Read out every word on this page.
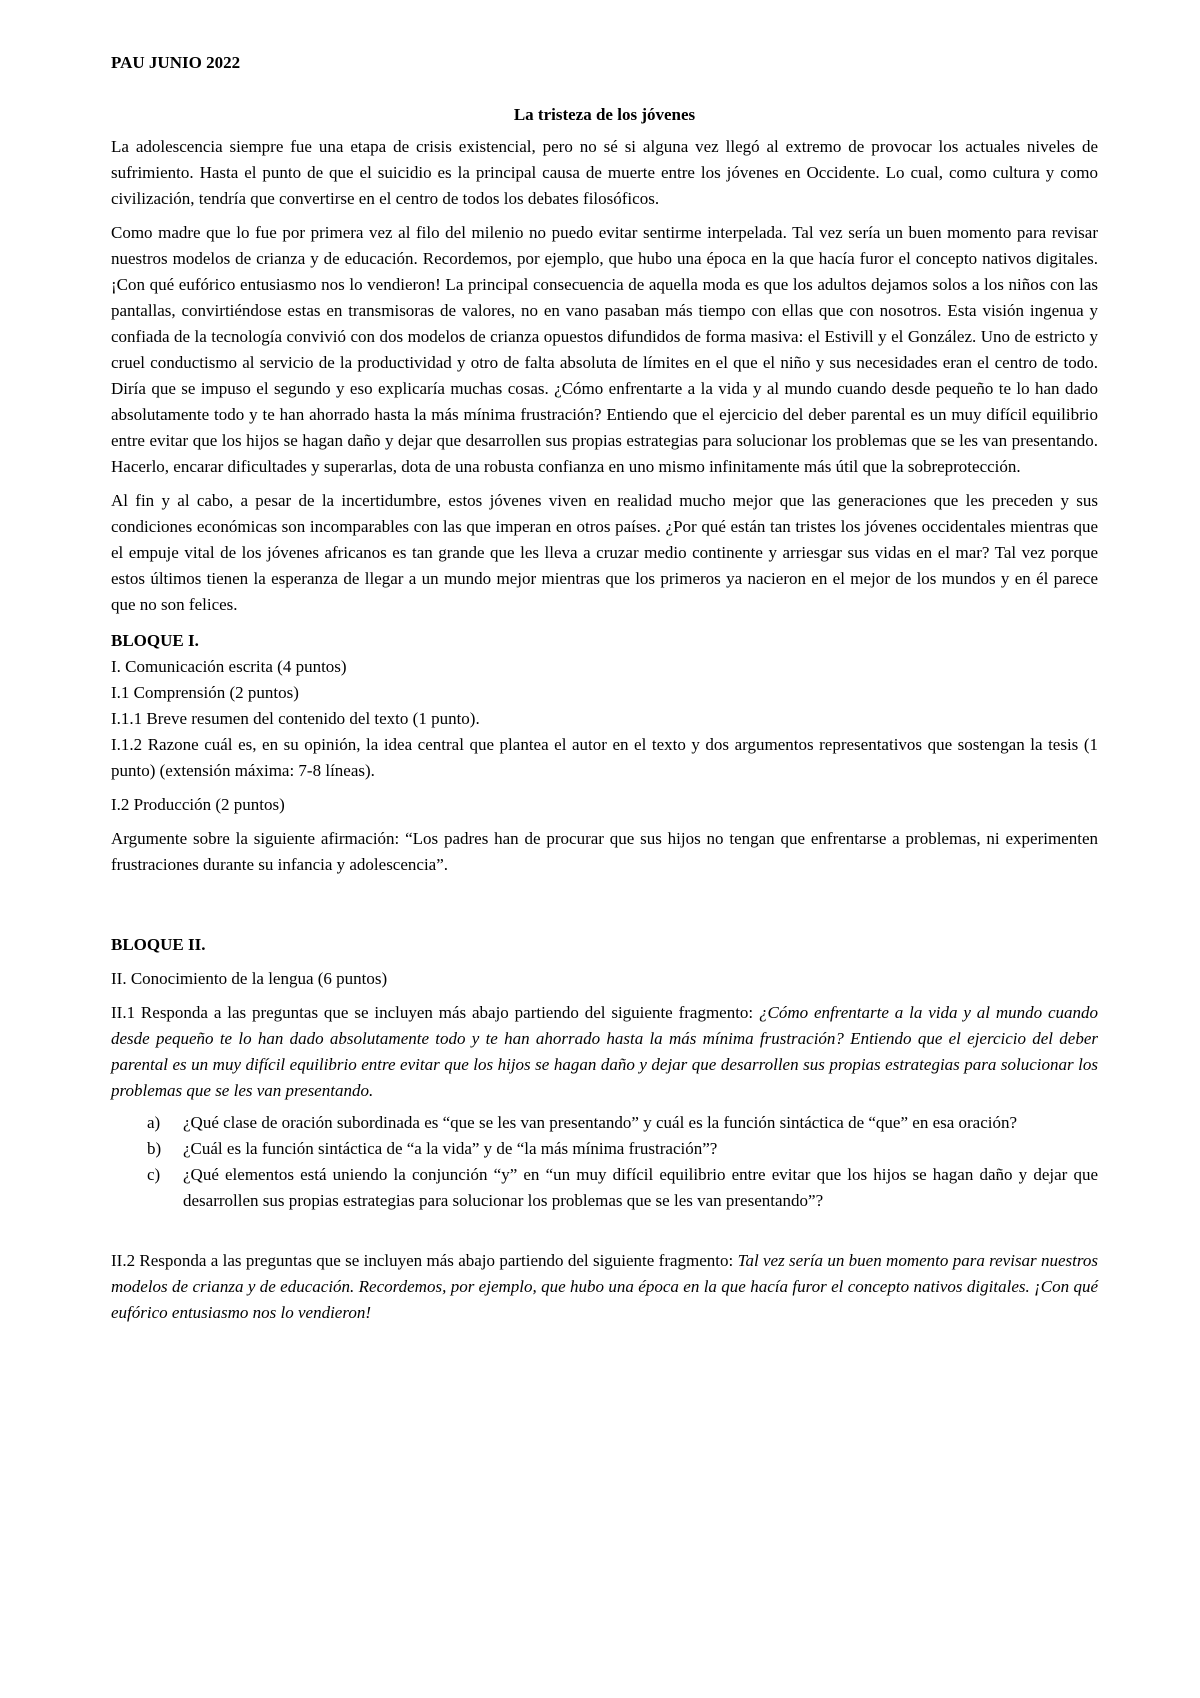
PAU JUNIO 2022

La tristeza de los jóvenes

La adolescencia siempre fue una etapa de crisis existencial, pero no sé si alguna vez llegó al extremo de provocar los actuales niveles de sufrimiento. Hasta el punto de que el suicidio es la principal causa de muerte entre los jóvenes en Occidente. Lo cual, como cultura y como civilización, tendría que convertirse en el centro de todos los debates filosóficos.

Como madre que lo fue por primera vez al filo del milenio no puedo evitar sentirme interpelada. Tal vez sería un buen momento para revisar nuestros modelos de crianza y de educación. Recordemos, por ejemplo, que hubo una época en la que hacía furor el concepto nativos digitales. ¡Con qué eufórico entusiasmo nos lo vendieron! La principal consecuencia de aquella moda es que los adultos dejamos solos a los niños con las pantallas, convirtiéndose estas en transmisoras de valores, no en vano pasaban más tiempo con ellas que con nosotros. Esta visión ingenua y confiada de la tecnología convivió con dos modelos de crianza opuestos difundidos de forma masiva: el Estivill y el González. Uno de estricto y cruel conductismo al servicio de la productividad y otro de falta absoluta de límites en el que el niño y sus necesidades eran el centro de todo. Diría que se impuso el segundo y eso explicaría muchas cosas. ¿Cómo enfrentarte a la vida y al mundo cuando desde pequeño te lo han dado absolutamente todo y te han ahorrado hasta la más mínima frustración? Entiendo que el ejercicio del deber parental es un muy difícil equilibrio entre evitar que los hijos se hagan daño y dejar que desarrollen sus propias estrategias para solucionar los problemas que se les van presentando. Hacerlo, encarar dificultades y superarlas, dota de una robusta confianza en uno mismo infinitamente más útil que la sobreprotección.

Al fin y al cabo, a pesar de la incertidumbre, estos jóvenes viven en realidad mucho mejor que las generaciones que les preceden y sus condiciones económicas son incomparables con las que imperan en otros países. ¿Por qué están tan tristes los jóvenes occidentales mientras que el empuje vital de los jóvenes africanos es tan grande que les lleva a cruzar medio continente y arriesgar sus vidas en el mar? Tal vez porque estos últimos tienen la esperanza de llegar a un mundo mejor mientras que los primeros ya nacieron en el mejor de los mundos y en él parece que no son felices.

BLOQUE I.

I. Comunicación escrita (4 puntos)

I.1 Comprensión (2 puntos)

I.1.1 Breve resumen del contenido del texto (1 punto).

I.1.2 Razone cuál es, en su opinión, la idea central que plantea el autor en el texto y dos argumentos representativos que sostengan la tesis (1 punto) (extensión máxima: 7-8 líneas).

I.2 Producción (2 puntos)

Argumente sobre la siguiente afirmación: “Los padres han de procurar que sus hijos no tengan que enfrentarse a problemas, ni experimenten frustraciones durante su infancia y adolescencia”.

BLOQUE II.

II. Conocimiento de la lengua (6 puntos)

II.1 Responda a las preguntas que se incluyen más abajo partiendo del siguiente fragmento: ¿Cómo enfrentarte a la vida y al mundo cuando desde pequeño te lo han dado absolutamente todo y te han ahorrado hasta la más mínima frustración? Entiendo que el ejercicio del deber parental es un muy difícil equilibrio entre evitar que los hijos se hagan daño y dejar que desarrollen sus propias estrategias para solucionar los problemas que se les van presentando.

a) ¿Qué clase de oración subordinada es “que se les van presentando” y cuál es la función sintáctica de “que” en esa oración?
b) ¿Cuál es la función sintáctica de “a la vida” y de “la más mínima frustración”?
c) ¿Qué elementos está uniendo la conjunción “y” en “un muy difícil equilibrio entre evitar que los hijos se hagan daño y dejar que desarrollen sus propias estrategias para solucionar los problemas que se les van presentando”?

II.2 Responda a las preguntas que se incluyen más abajo partiendo del siguiente fragmento: Tal vez sería un buen momento para revisar nuestros modelos de crianza y de educación. Recordemos, por ejemplo, que hubo una época en la que hacía furor el concepto nativos digitales. ¡Con qué eufórico entusiasmo nos lo vendieron!
